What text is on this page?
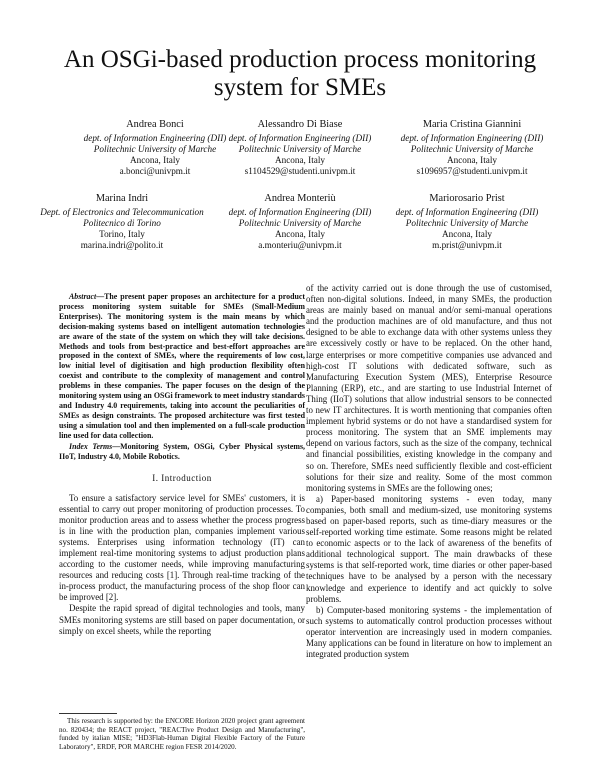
An OSGi-based production process monitoring system for SMEs
Andrea Bonci
dept. of Information Engineering (DII)
Politechnic University of Marche
Ancona, Italy
a.bonci@univpm.it
Alessandro Di Biase
dept. of Information Engineering (DII)
Politechnic University of Marche
Ancona, Italy
s1104529@studenti.univpm.it
Maria Cristina Giannini
dept. of Information Engineering (DII)
Politechnic University of Marche
Ancona, Italy
s1096957@studenti.univpm.it
Marina Indri
Dept. of Electronics and Telecommunication
Politecnico di Torino
Torino, Italy
marina.indri@polito.it
Andrea Monteriù
dept. of Information Engineering (DII)
Politechnic University of Marche
Ancona, Italy
a.monteriu@univpm.it
Mariorosario Prist
dept. of Information Engineering (DII)
Politechnic University of Marche
Ancona, Italy
m.prist@univpm.it
Abstract—The present paper proposes an architecture for a product process monitoring system suitable for SMEs (Small-Medium Enterprises). The monitoring system is the main means by which decision-making systems based on intelligent automation technologies are aware of the state of the system on which they will take decisions. Methods and tools from best-practice and best-effort approaches are proposed in the context of SMEs, where the requirements of low cost, low initial level of digitisation and high production flexibility often coexist and contribute to the complexity of management and control problems in these companies. The paper focuses on the design of the monitoring system using an OSGi framework to meet industry standards and Industry 4.0 requirements, taking into account the peculiarities of SMEs as design constraints. The proposed architecture was first tested using a simulation tool and then implemented on a full-scale production line used for data collection.
Index Terms—Monitoring System, OSGi, Cyber Physical systems, IIoT, Industry 4.0, Mobile Robotics.
I. Introduction

To ensure a satisfactory service level for SMEs' customers, it is essential to carry out proper monitoring of production processes. To monitor production areas and to assess whether the process progress is in line with the production plan, companies implement various systems. Enterprises using information technology (IT) can implement real-time monitoring systems to adjust production plans according to the customer needs, while improving manufacturing resources and reducing costs [1]. Through real-time tracking of the in-process product, the manufacturing process of the shop floor can be improved [2].

Despite the rapid spread of digital technologies and tools, many SMEs monitoring systems are still based on paper documentation, or simply on excel sheets, while the reporting

of the activity carried out is done through the use of customised, often non-digital solutions. Indeed, in many SMEs, the production areas are mainly based on manual and/or semi-manual operations and the production machines are of old manufacture, and thus not designed to be able to exchange data with other systems unless they are excessively costly or have to be replaced. On the other hand, large enterprises or more competitive companies use advanced and high-cost IT solutions with dedicated software, such as Manufacturing Execution System (MES), Enterprise Resource Planning (ERP), etc., and are starting to use Industrial Internet of Thing (IIoT) solutions that allow industrial sensors to be connected to new IT architectures. It is worth mentioning that companies often implement hybrid systems or do not have a standardised system for process monitoring. The system that an SME implements may depend on various factors, such as the size of the company, technical and financial possibilities, existing knowledge in the company and so on. Therefore, SMEs need sufficiently flexible and cost-efficient solutions for their size and reality. Some of the most common monitoring systems in SMEs are the following ones;

a) Paper-based monitoring systems - even today, many companies, both small and medium-sized, use monitoring systems based on paper-based reports, such as time-diary measures or the self-reported working time estimate. Some reasons might be related to economic aspects or to the lack of awareness of the benefits of additional technological support. The main drawbacks of these systems is that self-reported work, time diaries or other paper-based techniques have to be analysed by a person with the necessary knowledge and experience to identify and act quickly to solve problems.

b) Computer-based monitoring systems - the implementation of such systems to automatically control production processes without operator intervention are increasingly used in modern companies. Many applications can be found in literature on how to implement an integrated production system

This research is supported by: the ENCORE Horizon 2020 project grant agreement no. 820434; the REACT project, "REACTive Product Design and Manufacturing", funded by italian MISE; "HD3Flab-Human Digital Flexible Factory of the Future Laboratory", ERDF, POR MARCHE region FESR 2014/2020.
